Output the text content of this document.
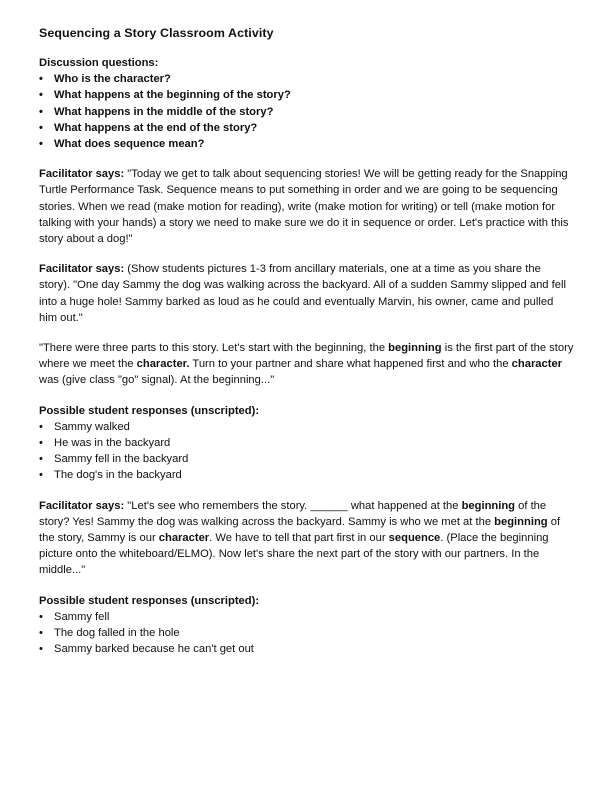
Sequencing a Story Classroom Activity

Discussion questions:

• Who is the character?
• What happens at the beginning of the story?
• What happens in the middle of the story?
• What happens at the end of the story?
• What does sequence mean?

Facilitator says: "Today we get to talk about sequencing stories! We will be getting ready for the Snapping Turtle Performance Task. Sequence means to put something in order and we are going to be sequencing stories. When we read (make motion for reading), write (make motion for writing) or tell (make motion for talking with your hands) a story we need to make sure we do it in sequence or order. Let's practice with this story about a dog!"

Facilitator says: (Show students pictures 1-3 from ancillary materials, one at a time as you share the story). "One day Sammy the dog was walking across the backyard. All of a sudden Sammy slipped and fell into a huge hole! Sammy barked as loud as he could and eventually Marvin, his owner, came and pulled him out."

"There were three parts to this story. Let's start with the beginning, the beginning is the first part of the story where we meet the character. Turn to your partner and share what happened first and who the character was (give class "go" signal). At the beginning..."

Possible student responses (unscripted):

• Sammy walked
• He was in the backyard
• Sammy fell in the backyard
• The dog's in the backyard

Facilitator says: "Let's see who remembers the story. ______ what happened at the beginning of the story? Yes! Sammy the dog was walking across the backyard. Sammy is who we met at the beginning of the story, Sammy is our character. We have to tell that part first in our sequence. (Place the beginning picture onto the whiteboard/ELMO). Now let's share the next part of the story with our partners. In the middle..."

Possible student responses (unscripted):

• Sammy fell
• The dog falled in the hole
• Sammy barked because he can't get out
